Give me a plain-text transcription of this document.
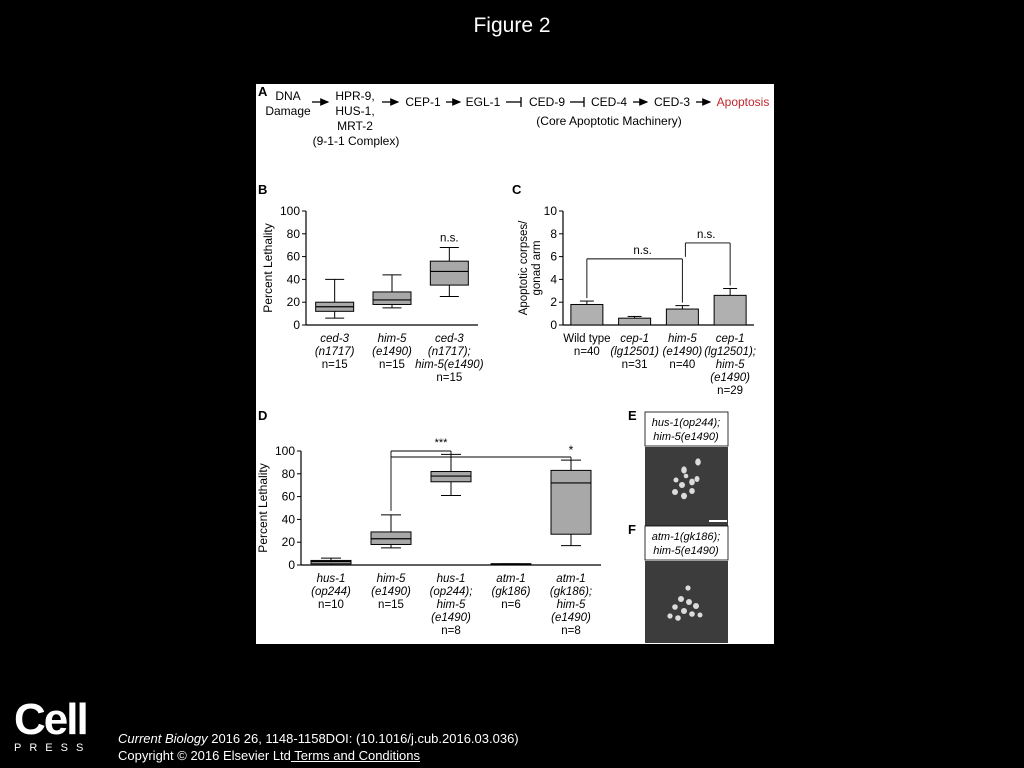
Figure 2
A DNA
Damage
HPR-9,
HUS-1,
MRT-2
(9-1-1 Complex)
CEP-1 EGL-1 CED-9 CED-4 CED-3 Apoptosis
(Core Apoptotic Machinery)
B
0
20
40
60
80
100
Percent Lethality
ced-3
(n1717)
n=15
him-5
(e1490)
n=15
ced-3
(n1717);
him-5(e1490)
n=15
n.s.
C
0
2
4
6
8
10
Apoptotic corpses/ gonad arm
Wild type
n=40
cep-1
(lg12501)
n=31
him-5
(e1490)
n=40
cep-1
(lg12501);
him-5
(e1490)
n=29
n.s.
n.s.
D
0
20
40
60
80
100
Percent Lethality
hus-1
(op244)
n=10
him-5
(e1490)
n=15
hus-1
(op244);
him-5
(e1490)
n=8
atm-1
(gk186)
n=6
atm-1
(gk186);
him-5
(e1490)
n=8
***	*
E hus-1(op244);
him-5(e1490)
F atm-1(gk186);
him-5(e1490)
Cell
PRESS
Current Biology 2016 26, 1148-1158DOI: (10.1016/j.cub.2016.03.036)
Copyright © 2016 Elsevier Ltd Terms and Conditions
